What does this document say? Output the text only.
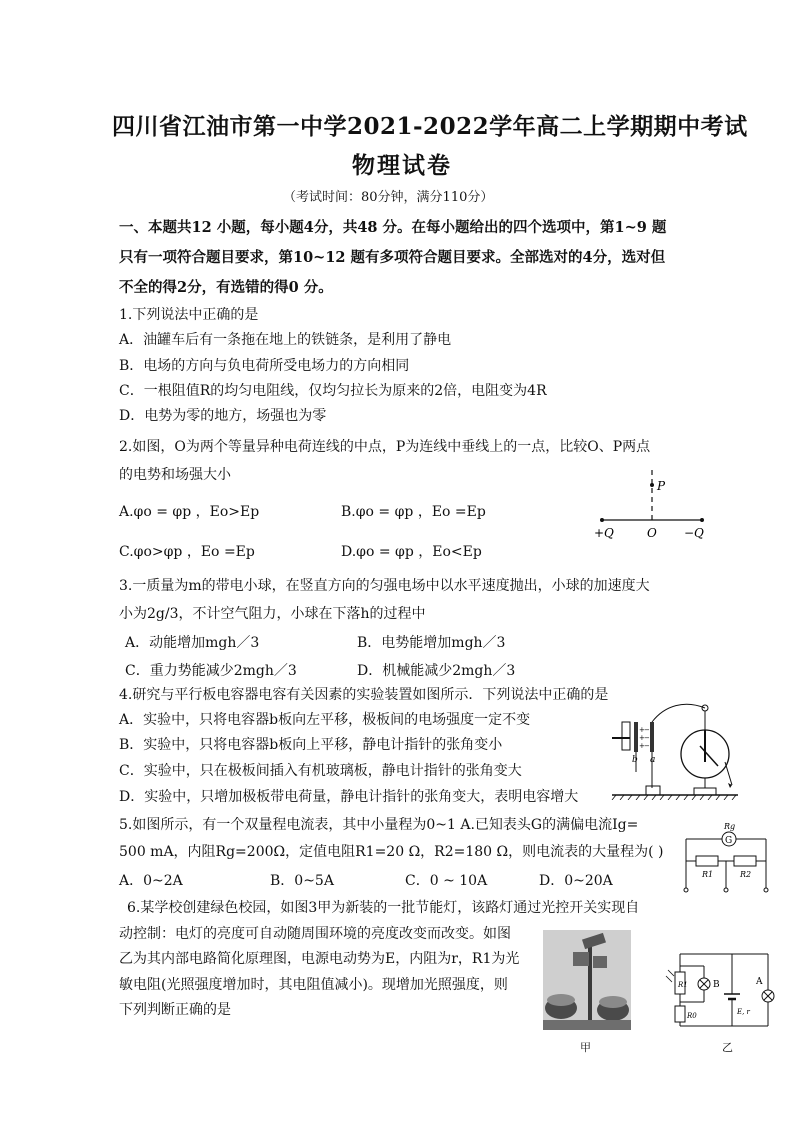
四川省江油市第一中学2021-2022学年高二上学期期中考试
物理试卷
（考试时间：80分钟，满分110分）
一、本题共12 小题，每小题4分，共48 分。在每小题给出的四个选项中，第1~9 题
只有一项符合题目要求，第10~12 题有多项符合题目要求。全部选对的4分，选对但
不全的得2分，有选错的得0 分。
1.下列说法中正确的是
A．油罐车后有一条拖在地上的铁链条，是利用了静电
B．电场的方向与负电荷所受电场力的方向相同
C．一根阻值R的均匀电阻线，仅均匀拉长为原来的2倍，电阻变为4R
D．电势为零的地方，场强也为零
2.如图，O为两个等量异种电荷连线的中点，P为连线中垂线上的一点，比较O、P两点
的电势和场强大小
A.φo = φp ，Eo>Ep	B.φo = φp ，Eo =Ep
C.φo>φp ，Eo =Ep	D.φo = φp ，Eo<Ep
P
+Q	O −Q
3.一质量为m的带电小球，在竖直方向的匀强电场中以水平速度抛出，小球的加速度大
小为2g/3，不计空气阻力，小球在下落h的过程中
A．动能增加mgh／3	B．电势能增加mgh／3
C．重力势能减少2mgh／3	D．机械能减少2mgh／3
4.研究与平行板电容器电容有关因素的实验装置如图所示．下列说法中正确的是
A．实验中，只将电容器b板向左平移，极板间的电场强度一定不变
B．实验中，只将电容器b板向上平移，静电计指针的张角变小
C．实验中，只在极板间插入有机玻璃板，静电计指针的张角变大
D．实验中，只增加极板带电荷量，静电计指针的张角变大，表明电容增大
+
+
+
−
−
−
b a
5.如图所示，有一个双量程电流表，其中小量程为0~1 A.已知表头G的满偏电流Ig=
500 mA，内阻Rg=200Ω，定值电阻R1=20 Ω，R2=180 Ω，则电流表的大量程为( )
A．0~2A	B．0~5A	C．0 ~ 10A	D．0~20A
Rg
G
R1	R2
6.某学校创建绿色校园，如图3甲为新装的一批节能灯，该路灯通过光控开关实现自
动控制：电灯的亮度可自动随周围环境的亮度改变而改变。如图
乙为其内部电路简化原理图，电源电动势为E，内阻为r，R1为光
敏电阻(光照强度增加时，其电阻值减小)。现增加光照强度，则
下列判断正确的是
甲
R1	B
R0	E, r
A
乙
